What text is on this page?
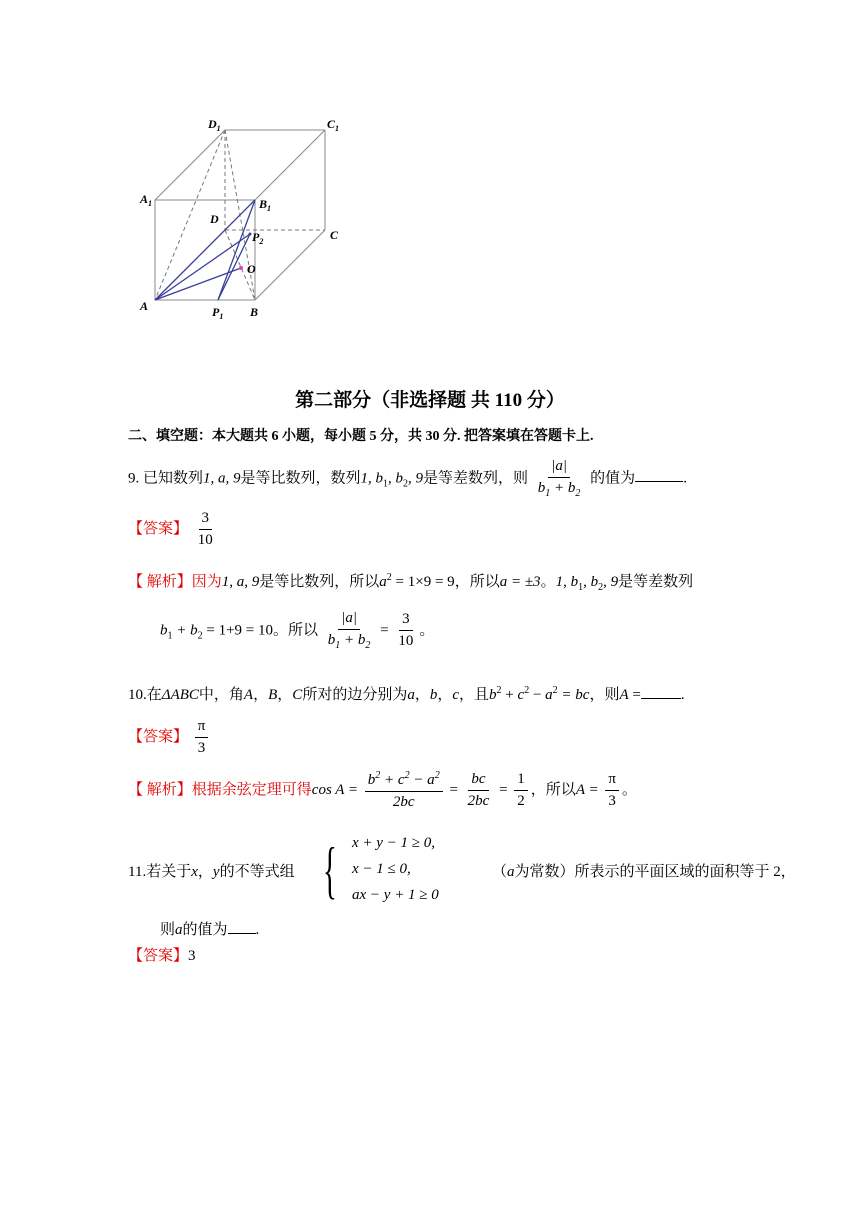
$D_1$	$C_1$
$A_1$	$B_1$
D
C
$P_2$
O
A	B
$P_1$
第二部分（非选择题 共 110 分）
二、填空题：本大题共 6 小题，每小题 5 分，共 30 分. 把答案填在答题卡上.
9. 已知数列1, a, 9是等比数列，数列1, $b_1$, $b_2$, 9是等差数列，则 $\frac{|a|}{b_1 + b_2}$ 的值为	.
【答案】 $\frac{3}{10}$
【 解析】因为1, a, 9是等比数列，所以$a^2 = 1\times 9 = 9$，所以a = ±3。1, $b_1$, $b_2$, 9是等差数列
$b_1 + b_2 = 1+9 = 10$。所以 $\frac{|a|}{b_1 + b_2} = \frac{3}{10}$ 。
10.在ΔABC中，角A，B，C所对的边分别为a，b，c，且$b^2 + c^2 - a^2$ = bc，则A =	.
【答案】 $\frac{\pi}{3}$
【 解析】根据余弦定理可得$\cos A = \frac{b^2 + c^2 - a^2}{2bc} = \frac{bc}{2bc} = \frac{1}{2}$ ，所以$A = \frac{\pi}{3}$ 。
11.若关于x，y的不等式组 { x + y − 1 ≥ 0,
x − 1 ≤ 0,
ax − y + 1 ≥ 0
（a为常数）所表示的平面区域的面积等于 2，
则a的值为 .
【答案】3
